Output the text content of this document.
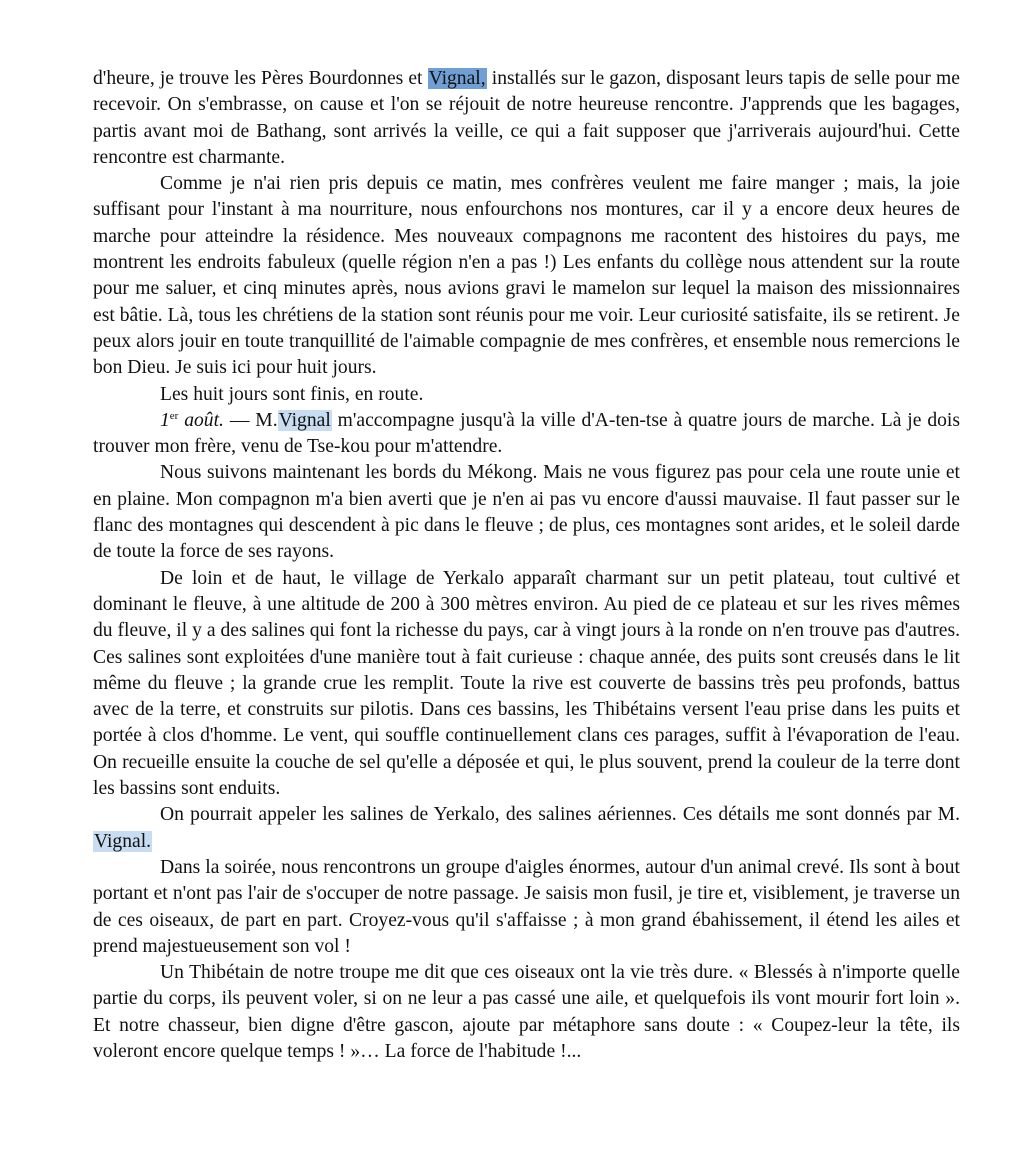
d'heure, je trouve les Pères Bourdonnes et Vignal, installés sur le gazon, disposant leurs tapis de selle pour me recevoir. On s'embrasse, on cause et l'on se réjouit de notre heureuse rencontre. J'apprends que les bagages, partis avant moi de Bathang, sont arrivés la veille, ce qui a fait supposer que j'arriverais aujourd'hui. Cette rencontre est charmante.

Comme je n'ai rien pris depuis ce matin, mes confrères veulent me faire manger ; mais, la joie suffisant pour l'instant à ma nourriture, nous enfourchons nos montures, car il y a encore deux heures de marche pour atteindre la résidence. Mes nouveaux compagnons me racontent des histoires du pays, me montrent les endroits fabuleux (quelle région n'en a pas !) Les enfants du collège nous attendent sur la route pour me saluer, et cinq minutes après, nous avions gravi le mamelon sur lequel la maison des missionnaires est bâtie. Là, tous les chrétiens de la station sont réunis pour me voir. Leur curiosité satisfaite, ils se retirent. Je peux alors jouir en toute tranquillité de l'aimable compagnie de mes confrères, et ensemble nous remercions le bon Dieu. Je suis ici pour huit jours.

Les huit jours sont finis, en route.

1er août. — M.Vignal m'accompagne jusqu'à la ville d'A-ten-tse à quatre jours de marche. Là je dois trouver mon frère, venu de Tse-kou pour m'attendre.

Nous suivons maintenant les bords du Mékong. Mais ne vous figurez pas pour cela une route unie et en plaine. Mon compagnon m'a bien averti que je n'en ai pas vu encore d'aussi mauvaise. Il faut passer sur le flanc des montagnes qui descendent à pic dans le fleuve ; de plus, ces montagnes sont arides, et le soleil darde de toute la force de ses rayons.

De loin et de haut, le village de Yerkalo apparaît charmant sur un petit plateau, tout cultivé et dominant le fleuve, à une altitude de 200 à 300 mètres environ. Au pied de ce plateau et sur les rives mêmes du fleuve, il y a des salines qui font la richesse du pays, car à vingt jours à la ronde on n'en trouve pas d'autres. Ces salines sont exploitées d'une manière tout à fait curieuse : chaque année, des puits sont creusés dans le lit même du fleuve ; la grande crue les remplit. Toute la rive est couverte de bassins très peu profonds, battus avec de la terre, et construits sur pilotis. Dans ces bassins, les Thibétains versent l'eau prise dans les puits et portée à clos d'homme. Le vent, qui souffle continuellement clans ces parages, suffit à l'évaporation de l'eau. On recueille ensuite la couche de sel qu'elle a déposée et qui, le plus souvent, prend la couleur de la terre dont les bassins sont enduits.

On pourrait appeler les salines de Yerkalo, des salines aériennes. Ces détails me sont donnés par M. Vignal.

Dans la soirée, nous rencontrons un groupe d'aigles énormes, autour d'un animal crevé. Ils sont à bout portant et n'ont pas l'air de s'occuper de notre passage. Je saisis mon fusil, je tire et, visiblement, je traverse un de ces oiseaux, de part en part. Croyez-vous qu'il s'affaisse ; à mon grand ébahissement, il étend les ailes et prend majestueusement son vol !

Un Thibétain de notre troupe me dit que ces oiseaux ont la vie très dure. « Blessés à n'importe quelle partie du corps, ils peuvent voler, si on ne leur a pas cassé une aile, et quelquefois ils vont mourir fort loin ». Et notre chasseur, bien digne d'être gascon, ajoute par métaphore sans doute : « Coupez-leur la tête, ils voleront encore quelque temps ! »… La force de l'habitude !...
